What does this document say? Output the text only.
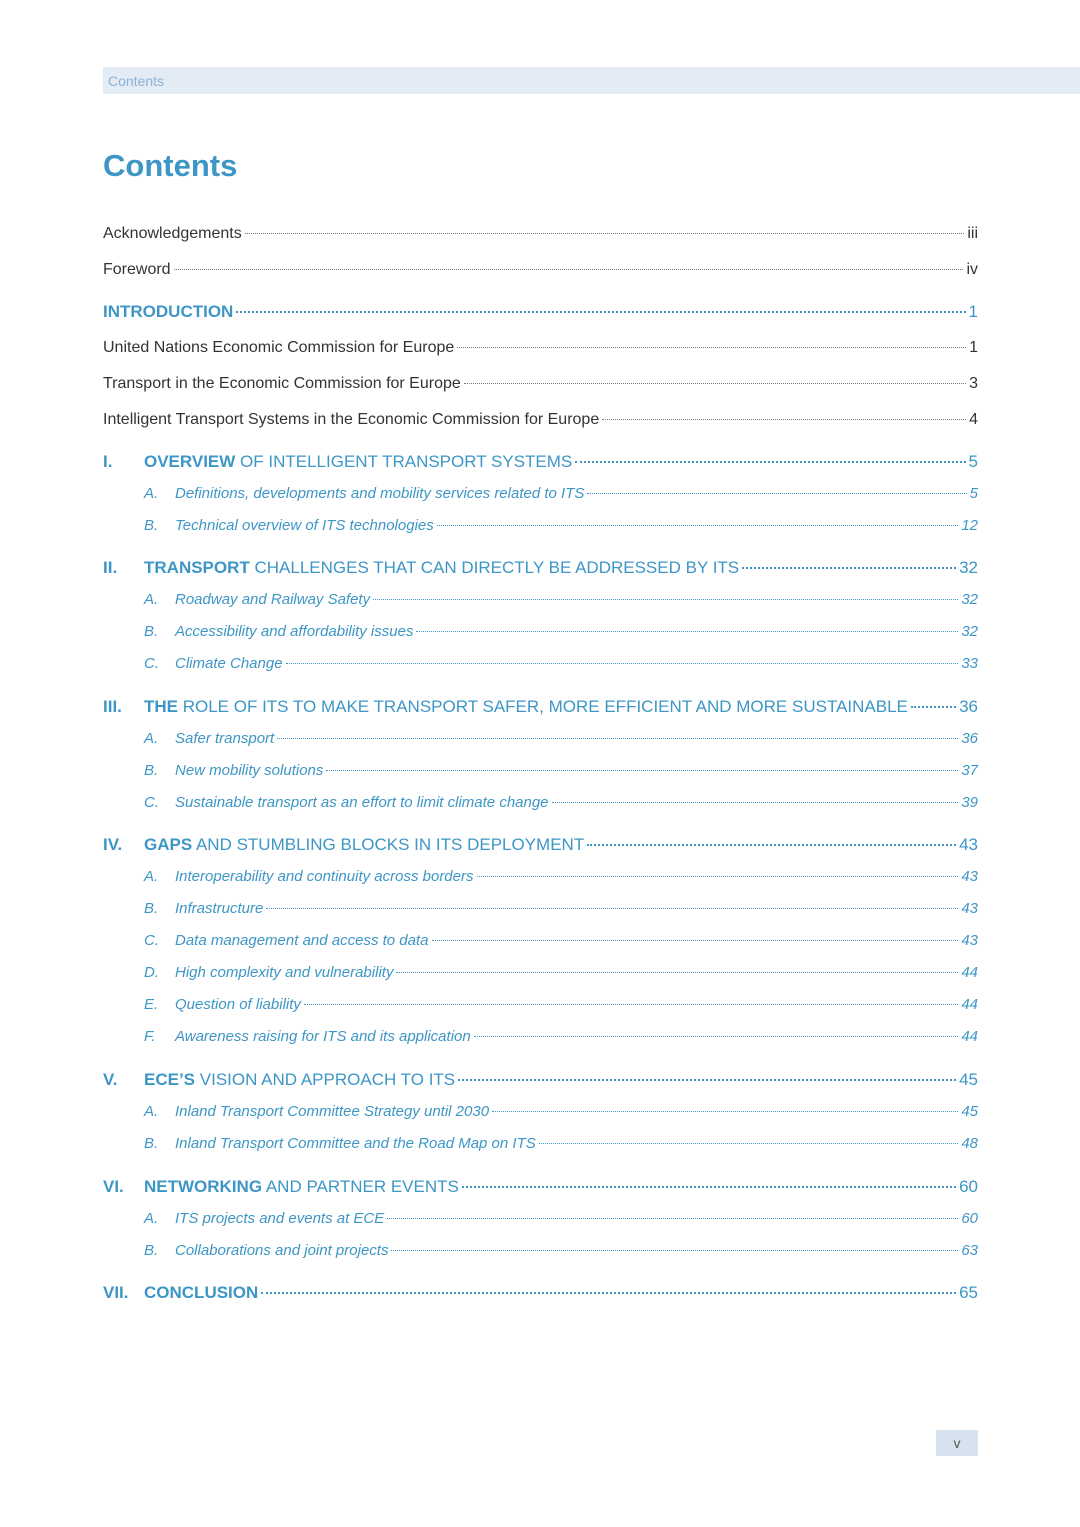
Contents
Contents
Acknowledgements	iii
Foreword	iv
INTRODUCTION	1
United Nations Economic Commission for Europe	1
Transport in the Economic Commission for Europe	3
Intelligent Transport Systems in the Economic Commission for Europe	4
I.	OVERVIEW OF INTELLIGENT TRANSPORT SYSTEMS	5
A.	Definitions, developments and mobility services related to ITS	5
B.	Technical overview of ITS technologies	12
II.	TRANSPORT CHALLENGES THAT CAN DIRECTLY BE ADDRESSED BY ITS	32
A.	Roadway and Railway Safety	32
B.	Accessibility and affordability issues	32
C.	Climate Change	33
III.	THE ROLE OF ITS TO MAKE TRANSPORT SAFER, MORE EFFICIENT AND MORE SUSTAINABLE	36
A.	Safer transport	36
B.	New mobility solutions	37
C.	Sustainable transport as an effort to limit climate change	39
IV.	GAPS AND STUMBLING BLOCKS IN ITS DEPLOYMENT	43
A.	Interoperability and continuity across borders	43
B.	Infrastructure	43
C.	Data management and access to data	43
D.	High complexity and vulnerability	44
E.	Question of liability	44
F.	Awareness raising for ITS and its application	44
V.	ECE’S VISION AND APPROACH TO ITS	45
A.	Inland Transport Committee Strategy until 2030	45
B.	Inland Transport Committee and the Road Map on ITS	48
VI.	NETWORKING AND PARTNER EVENTS	60
A.	ITS projects and events at ECE	60
B.	Collaborations and joint projects	63
VII. CONCLUSION	65
v
